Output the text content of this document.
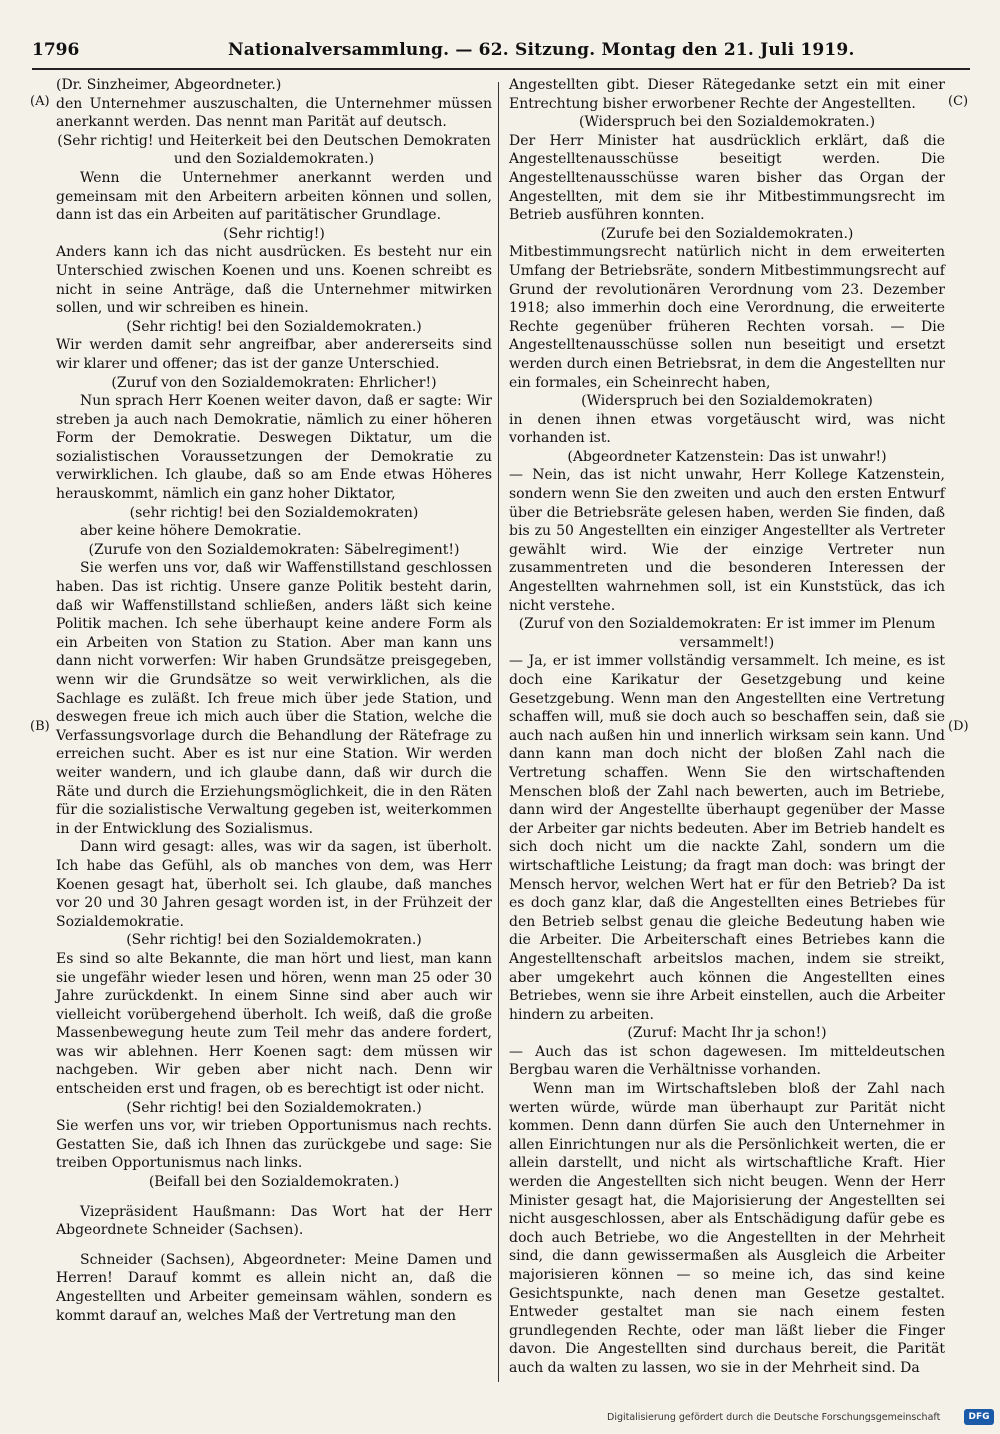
1796	Nationalversammlung. — 62. Sitzung. Montag den 21. Juli 1919.
(A)
(B)
(C)
(D)

(Dr. Sinzheimer, Abgeordneter.)

den Unternehmer auszuschalten, die Unternehmer müssen anerkannt werden. Das nennt man Parität auf deutsch.

(Sehr richtig! und Heiterkeit bei den Deutschen Demokraten und den Sozialdemokraten.)

Wenn die Unternehmer anerkannt werden und gemeinsam mit den Arbeitern arbeiten können und sollen, dann ist das ein Arbeiten auf paritätischer Grundlage.

(Sehr richtig!)

Anders kann ich das nicht ausdrücken. Es besteht nur ein Unterschied zwischen Koenen und uns. Koenen schreibt es nicht in seine Anträge, daß die Unternehmer mitwirken sollen, und wir schreiben es hinein.

(Sehr richtig! bei den Sozialdemokraten.)

Wir werden damit sehr angreifbar, aber andererseits sind wir klarer und offener; das ist der ganze Unterschied.

(Zuruf von den Sozialdemokraten: Ehrlicher!)

Nun sprach Herr Koenen weiter davon, daß er sagte: Wir streben ja auch nach Demokratie, nämlich zu einer höheren Form der Demokratie. Deswegen Diktatur, um die sozialistischen Voraussetzungen der Demokratie zu verwirklichen. Ich glaube, daß so am Ende etwas Höheres herauskommt, nämlich ein ganz hoher Diktator,

(sehr richtig! bei den Sozialdemokraten)

aber keine höhere Demokratie.

(Zurufe von den Sozialdemokraten: Säbelregiment!)

Sie werfen uns vor, daß wir Waffenstillstand geschlossen haben. Das ist richtig. Unsere ganze Politik besteht darin, daß wir Waffenstillstand schließen, anders läßt sich keine Politik machen. Ich sehe überhaupt keine andere Form als ein Arbeiten von Station zu Station. Aber man kann uns dann nicht vorwerfen: Wir haben Grundsätze preisgegeben, wenn wir die Grundsätze so weit verwirklichen, als die Sachlage es zuläßt. Ich freue mich über jede Station, und deswegen freue ich mich auch über die Station, welche die Verfassungsvorlage durch die Behandlung der Rätefrage zu erreichen sucht. Aber es ist nur eine Station. Wir werden weiter wandern, und ich glaube dann, daß wir durch die Räte und durch die Erziehungsmöglichkeit, die in den Räten für die sozialistische Verwaltung gegeben ist, weiterkommen in der Entwicklung des Sozialismus.

Dann wird gesagt: alles, was wir da sagen, ist überholt. Ich habe das Gefühl, als ob manches von dem, was Herr Koenen gesagt hat, überholt sei. Ich glaube, daß manches vor 20 und 30 Jahren gesagt worden ist, in der Frühzeit der Sozialdemokratie.

(Sehr richtig! bei den Sozialdemokraten.)

Es sind so alte Bekannte, die man hört und liest, man kann sie ungefähr wieder lesen und hören, wenn man 25 oder 30 Jahre zurückdenkt. In einem Sinne sind aber auch wir vielleicht vorübergehend überholt. Ich weiß, daß die große Massenbewegung heute zum Teil mehr das andere fordert, was wir ablehnen. Herr Koenen sagt: dem müssen wir nachgeben. Wir geben aber nicht nach. Denn wir entscheiden erst und fragen, ob es berechtigt ist oder nicht.

(Sehr richtig! bei den Sozialdemokraten.)

Sie werfen uns vor, wir trieben Opportunismus nach rechts. Gestatten Sie, daß ich Ihnen das zurückgebe und sage: Sie treiben Opportunismus nach links.

(Beifall bei den Sozialdemokraten.)

Vizepräsident Haußmann: Das Wort hat der Herr Abgeordnete Schneider (Sachsen).

Schneider (Sachsen), Abgeordneter: Meine Damen und Herren! Darauf kommt es allein nicht an, daß die Angestellten und Arbeiter gemeinsam wählen, sondern es kommt darauf an, welches Maß der Vertretung man den

Angestellten gibt. Dieser Rätegedanke setzt ein mit einer Entrechtung bisher erworbener Rechte der Angestellten.

(Widerspruch bei den Sozialdemokraten.)

Der Herr Minister hat ausdrücklich erklärt, daß die Angestelltenausschüsse beseitigt werden. Die Angestelltenausschüsse waren bisher das Organ der Angestellten, mit dem sie ihr Mitbestimmungsrecht im Betrieb ausführen konnten.

(Zurufe bei den Sozialdemokraten.)

Mitbestimmungsrecht natürlich nicht in dem erweiterten Umfang der Betriebsräte, sondern Mitbestimmungsrecht auf Grund der revolutionären Verordnung vom 23. Dezember 1918; also immerhin doch eine Verordnung, die erweiterte Rechte gegenüber früheren Rechten vorsah. — Die Angestelltenausschüsse sollen nun beseitigt und ersetzt werden durch einen Betriebsrat, in dem die Angestellten nur ein formales, ein Scheinrecht haben,

(Widerspruch bei den Sozialdemokraten)

in denen ihnen etwas vorgetäuscht wird, was nicht vorhanden ist.

(Abgeordneter Katzenstein: Das ist unwahr!)

— Nein, das ist nicht unwahr, Herr Kollege Katzenstein, sondern wenn Sie den zweiten und auch den ersten Entwurf über die Betriebsräte gelesen haben, werden Sie finden, daß bis zu 50 Angestellten ein einziger Angestellter als Vertreter gewählt wird. Wie der einzige Vertreter nun zusammentreten und die besonderen Interessen der Angestellten wahrnehmen soll, ist ein Kunststück, das ich nicht verstehe.

(Zuruf von den Sozialdemokraten: Er ist immer im Plenum versammelt!)

— Ja, er ist immer vollständig versammelt. Ich meine, es ist doch eine Karikatur der Gesetzgebung und keine Gesetzgebung. Wenn man den Angestellten eine Vertretung schaffen will, muß sie doch auch so beschaffen sein, daß sie auch nach außen hin und innerlich wirksam sein kann. Und dann kann man doch nicht der bloßen Zahl nach die Vertretung schaffen. Wenn Sie den wirtschaftenden Menschen bloß der Zahl nach bewerten, auch im Betriebe, dann wird der Angestellte überhaupt gegenüber der Masse der Arbeiter gar nichts bedeuten. Aber im Betrieb handelt es sich doch nicht um die nackte Zahl, sondern um die wirtschaftliche Leistung; da fragt man doch: was bringt der Mensch hervor, welchen Wert hat er für den Betrieb? Da ist es doch ganz klar, daß die Angestellten eines Betriebes für den Betrieb selbst genau die gleiche Bedeutung haben wie die Arbeiter. Die Arbeiterschaft eines Betriebes kann die Angestelltenschaft arbeitslos machen, indem sie streikt, aber umgekehrt auch können die Angestellten eines Betriebes, wenn sie ihre Arbeit einstellen, auch die Arbeiter hindern zu arbeiten.

(Zuruf: Macht Ihr ja schon!)

— Auch das ist schon dagewesen. Im mitteldeutschen Bergbau waren die Verhältnisse vorhanden.

Wenn man im Wirtschaftsleben bloß der Zahl nach werten würde, würde man überhaupt zur Parität nicht kommen. Denn dann dürfen Sie auch den Unternehmer in allen Einrichtungen nur als die Persönlichkeit werten, die er allein darstellt, und nicht als wirtschaftliche Kraft. Hier werden die Angestellten sich nicht beugen. Wenn der Herr Minister gesagt hat, die Majorisierung der Angestellten sei nicht ausgeschlossen, aber als Entschädigung dafür gebe es doch auch Betriebe, wo die Angestellten in der Mehrheit sind, die dann gewissermaßen als Ausgleich die Arbeiter majorisieren können — so meine ich, das sind keine Gesichtspunkte, nach denen man Gesetze gestaltet. Entweder gestaltet man sie nach einem festen grundlegenden Rechte, oder man läßt lieber die Finger davon. Die Angestellten sind durchaus bereit, die Parität auch da walten zu lassen, wo sie in der Mehrheit sind. Da

Digitalisierung gefördert durch die Deutsche Forschungsgemeinschaft	DFG
